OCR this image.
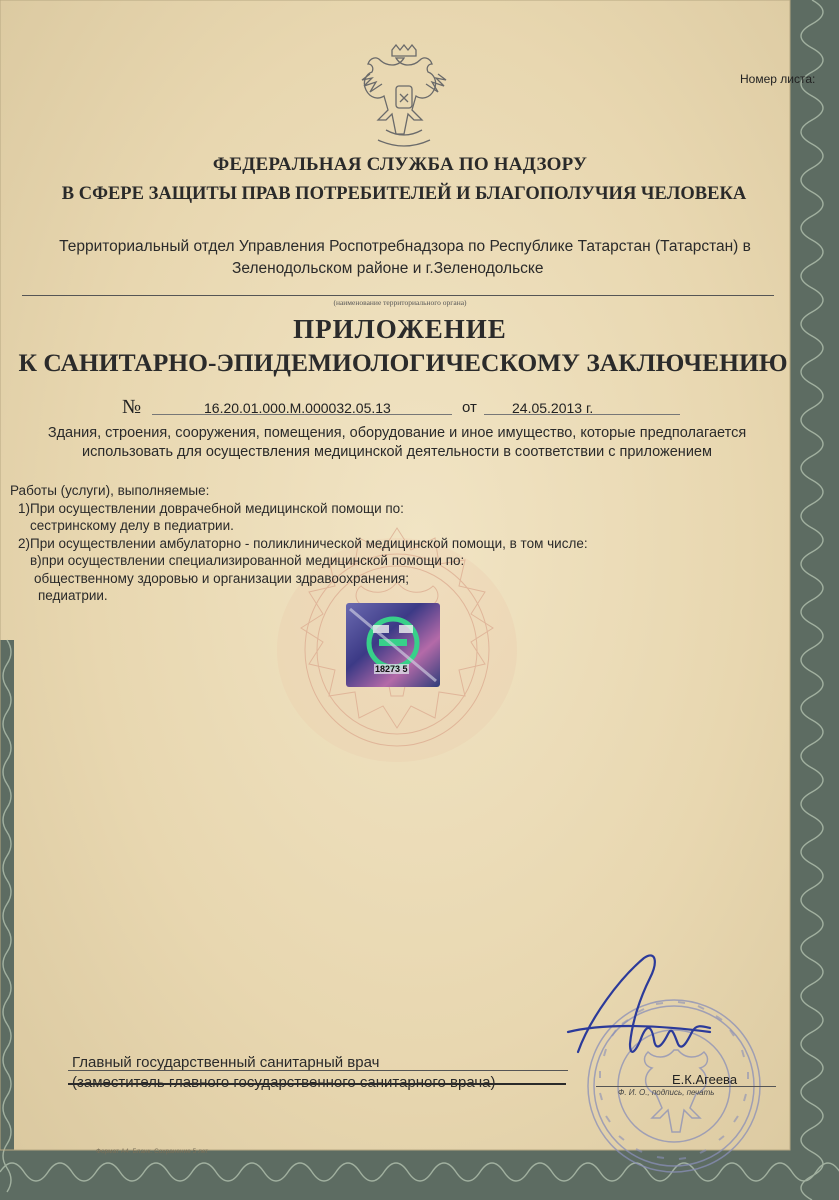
Номер листа:
ФЕДЕРАЛЬНАЯ СЛУЖБА ПО НАДЗОРУ
В СФЕРЕ ЗАЩИТЫ ПРАВ ПОТРЕБИТЕЛЕЙ И БЛАГОПОЛУЧИЯ ЧЕЛОВЕКА
Территориальный отдел Управления Роспотребнадзора по Республике Татарстан (Татарстан) в

Зеленодольском районе и г.Зеленодольске
(наименование территориального органа)
ПРИЛОЖЕНИЕ
К САНИТАРНО-ЭПИДЕМИОЛОГИЧЕСКОМУ ЗАКЛЮЧЕНИЮ
№	16.20.01.000.М.000032.05.13	от	24.05.2013 г.
Здания, строения, сооружения, помещения, оборудование и иное имущество, которые предполагается
использовать для осуществления медицинской деятельности в соответствии с приложением
Работы (услуги), выполняемые:
1)При осуществлении доврачебной медицинской помощи по:
сестринскому делу в педиатрии.
2)При осуществлении амбулаторно - поликлинической медицинской помощи, в том числе:
в)при осуществлении специализированной медицинской помощи по:
общественному здоровью и организации здравоохранения;
педиатрии.
18273 5
Главный государственный санитарный врач
Е.К.Агеева
Ф. И. О., подпись, печать
Формат А4. Бланк. Сохранение 5 лет
